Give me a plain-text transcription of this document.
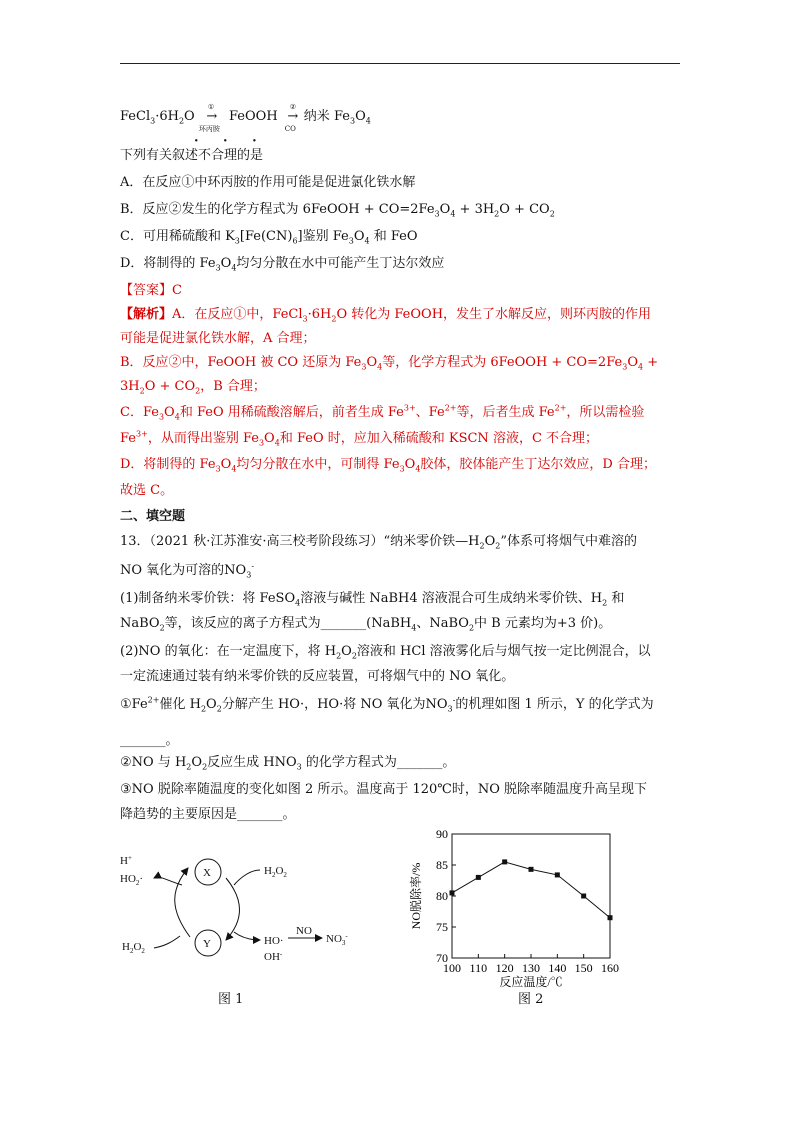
$FeCl_3\cdot 6H_2O$
①
→
环丙胺
FeOOH
②
→
CO
纳米 $Fe_3O_4$
· · ·
下列有关叙述不合理的是
A．在反应①中环丙胺的作用可能是促进氯化铁水解
B．反应②发生的化学方程式为 6FeOOH + $CO=2Fe_3O_4 + 3H_2O + CO_2$
C．可用稀硫酸和 $K_3[Fe(CN)_6]$鉴别 $Fe_3O_4$ 和 FeO
D．将制得的 $Fe_3O_4$均匀分散在水中可能产生丁达尔效应
【答案】C
【解析】A．在反应①中，$FeCl_3\cdot 6H_2O$ 转化为 FeOOH，发生了水解反应，则环丙胺的作用
可能是促进氯化铁水解，A 合理；
B．反应②中，FeOOH 被 CO 还原为 $Fe_3O_4$等，化学方程式为 6FeOOH + $CO=2Fe_3O_4$ +
$3H_2O + CO_2$，B 合理；
C．$Fe_3O_4$和 FeO 用稀硫酸溶解后，前者生成 $Fe^{3+}$、$Fe^{2+}$等，后者生成 $Fe^{2+}$，所以需检验
$Fe^{3+}$，从而得出鉴别 $Fe_3O_4$和 FeO 时，应加入稀硫酸和 KSCN 溶液，C 不合理；
D．将制得的 $Fe_3O_4$均匀分散在水中，可制得 $Fe_3O_4$胶体，胶体能产生丁达尔效应，D 合理；
故选 C。
二、填空题
13．（2021 秋·江苏淮安·高三校考阶段练习）“纳米零价铁$—H_2O_2$”体系可将烟气中难溶的
NO 氧化为可溶的$NO_3^-$
(1)制备纳米零价铁：将 FeSO$_4$溶液与碱性 NaBH4 溶液混合可生成纳米零价铁、$H_2$ 和
NaBO$_2$等，该反应的离子方程式为_______(NaBH$_4$、NaBO$_2$中 B 元素均为+3 价)。
(2)NO 的氧化：在一定温度下，将 $H_2O_2$溶液和 HCl 溶液雾化后与烟气按一定比例混合，以
一定流速通过装有纳米零价铁的反应装置，可将烟气中的 NO 氧化。
$①Fe^{2+}$催化 $H_2O_2$分解产生 HO·，HO·将 NO 氧化为$NO_3^-$的机理如图 1 所示，Y 的化学式为
_______。
②NO 与 $H_2O_2$反应生成 $HNO_3$ 的化学方程式为_______。
③NO 脱除率随温度的变化如图 2 所示。温度高于 120℃时，NO 脱除率随温度升高呈现下
降趋势的主要原因是_______。
X
Y
H+
$HO_2\cdot$
$H_2O_2$
$H_2O_2$
HO·
OH-
NO
$NO_3^-$
图 1
100 110 120 130 140 150 160
70
75
80
85
90
反应温度/℃
NO脱除率/%
图 2
